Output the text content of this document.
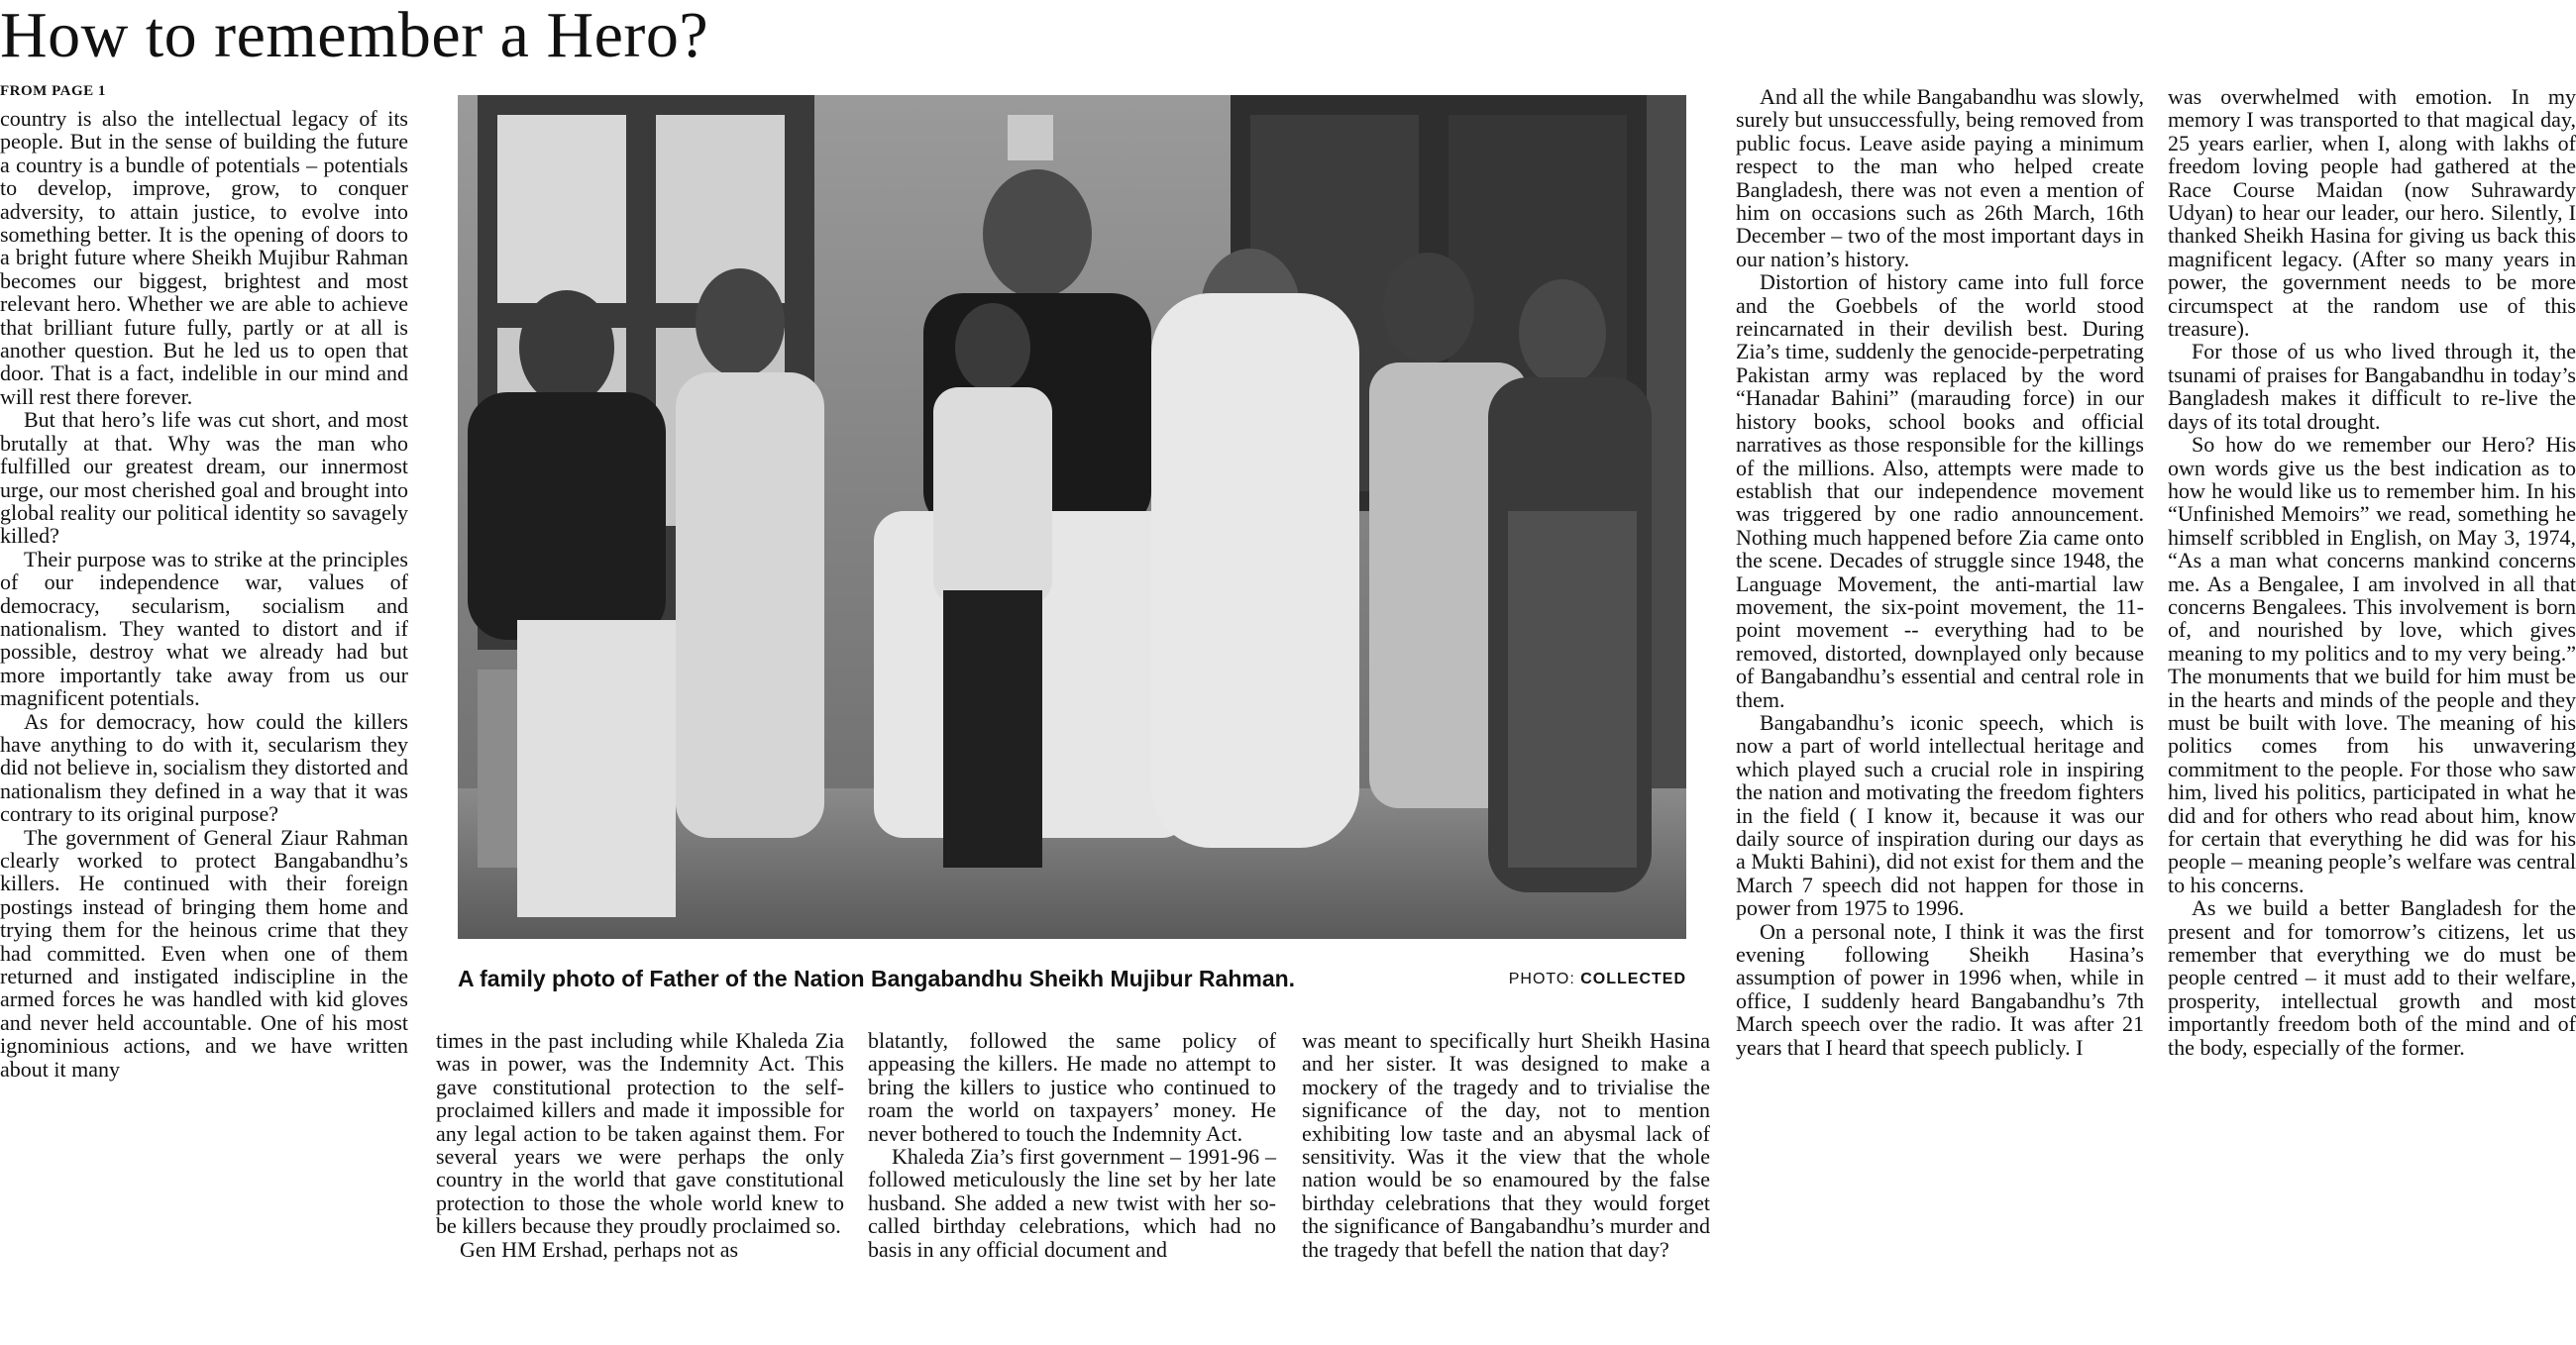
How to remember a Hero?
FROM PAGE 1

country is also the intellectual legacy of its people. But in the sense of building the future a country is a bundle of potentials – potentials to develop, improve, grow, to conquer adversity, to attain justice, to evolve into something better. It is the opening of doors to a bright future where Sheikh Mujibur Rahman becomes our biggest, brightest and most relevant hero. Whether we are able to achieve that brilliant future fully, partly or at all is another question. But he led us to open that door. That is a fact, indelible in our mind and will rest there forever.

But that hero’s life was cut short, and most brutally at that. Why was the man who fulfilled our greatest dream, our innermost urge, our most cherished goal and brought into global reality our political identity so savagely killed?

Their purpose was to strike at the principles of our independence war, values of democracy, secularism, socialism and nationalism. They wanted to distort and if possible, destroy what we already had but more importantly take away from us our magnificent potentials.

As for democracy, how could the killers have anything to do with it, secularism they did not believe in, socialism they distorted and nationalism they defined in a way that it was contrary to its original purpose?

The government of General Ziaur Rahman clearly worked to protect Bangabandhu’s killers. He continued with their foreign postings instead of bringing them home and trying them for the heinous crime that they had committed. Even when one of them returned and instigated indiscipline in the armed forces he was handled with kid gloves and never held accountable. One of his most ignominious actions, and we have written about it many

A family photo of Father of the Nation Bangabandhu Sheikh Mujibur Rahman.	PHOTO: COLLECTED

times in the past including while Khaleda Zia was in power, was the Indemnity Act. This gave constitutional protection to the self-proclaimed killers and made it impossible for any legal action to be taken against them. For several years we were perhaps the only country in the world that gave constitutional protection to those the whole world knew to be killers because they proudly proclaimed so.

Gen HM Ershad, perhaps not as

blatantly, followed the same policy of appeasing the killers. He made no attempt to bring the killers to justice who continued to roam the world on taxpayers’ money. He never bothered to touch the Indemnity Act.

Khaleda Zia’s first government – 1991-96 – followed meticulously the line set by her late husband. She added a new twist with her so-called birthday celebrations, which had no basis in any official document and

was meant to specifically hurt Sheikh Hasina and her sister. It was designed to make a mockery of the tragedy and to trivialise the significance of the day, not to mention exhibiting low taste and an abysmal lack of sensitivity. Was it the view that the whole nation would be so enamoured by the false birthday celebrations that they would forget the significance of Bangabandhu’s murder and the tragedy that befell the nation that day?

And all the while Bangabandhu was slowly, surely but unsuccessfully, being removed from public focus. Leave aside paying a minimum respect to the man who helped create Bangladesh, there was not even a mention of him on occasions such as 26th March, 16th December – two of the most important days in our nation’s history.

Distortion of history came into full force and the Goebbels of the world stood reincarnated in their devilish best. During Zia’s time, suddenly the genocide-perpetrating Pakistan army was replaced by the word “Hanadar Bahini” (marauding force) in our history books, school books and official narratives as those responsible for the killings of the millions. Also, attempts were made to establish that our independence movement was triggered by one radio announcement. Nothing much happened before Zia came onto the scene. Decades of struggle since 1948, the Language Movement, the anti-martial law movement, the six-point movement, the 11-point movement -- everything had to be removed, distorted, downplayed only because of Bangabandhu’s essential and central role in them.

Bangabandhu’s iconic speech, which is now a part of world intellectual heritage and which played such a crucial role in inspiring the nation and motivating the freedom fighters in the field ( I know it, because it was our daily source of inspiration during our days as a Mukti Bahini), did not exist for them and the March 7 speech did not happen for those in power from 1975 to 1996.

On a personal note, I think it was the first evening following Sheikh Hasina’s assumption of power in 1996 when, while in office, I suddenly heard Bangabandhu’s 7th March speech over the radio. It was after 21 years that I heard that speech publicly. I

was overwhelmed with emotion. In my memory I was transported to that magical day, 25 years earlier, when I, along with lakhs of freedom loving people had gathered at the Race Course Maidan (now Suhrawardy Udyan) to hear our leader, our hero. Silently, I thanked Sheikh Hasina for giving us back this magnificent legacy. (After so many years in power, the government needs to be more circumspect at the random use of this treasure).

For those of us who lived through it, the tsunami of praises for Bangabandhu in today’s Bangladesh makes it difficult to re-live the days of its total drought.

So how do we remember our Hero? His own words give us the best indication as to how he would like us to remember him. In his “Unfinished Memoirs” we read, something he himself scribbled in English, on May 3, 1974, “As a man what concerns mankind concerns me. As a Bengalee, I am involved in all that concerns Bengalees. This involvement is born of, and nourished by love, which gives meaning to my politics and to my very being.” The monuments that we build for him must be in the hearts and minds of the people and they must be built with love. The meaning of his politics comes from his unwavering commitment to the people. For those who saw him, lived his politics, participated in what he did and for others who read about him, know for certain that everything he did was for his people – meaning people’s welfare was central to his concerns.

As we build a better Bangladesh for the present and for tomorrow’s citizens, let us remember that everything we do must be people centred – it must add to their welfare, prosperity, intellectual growth and most importantly freedom both of the mind and of the body, especially of the former.
